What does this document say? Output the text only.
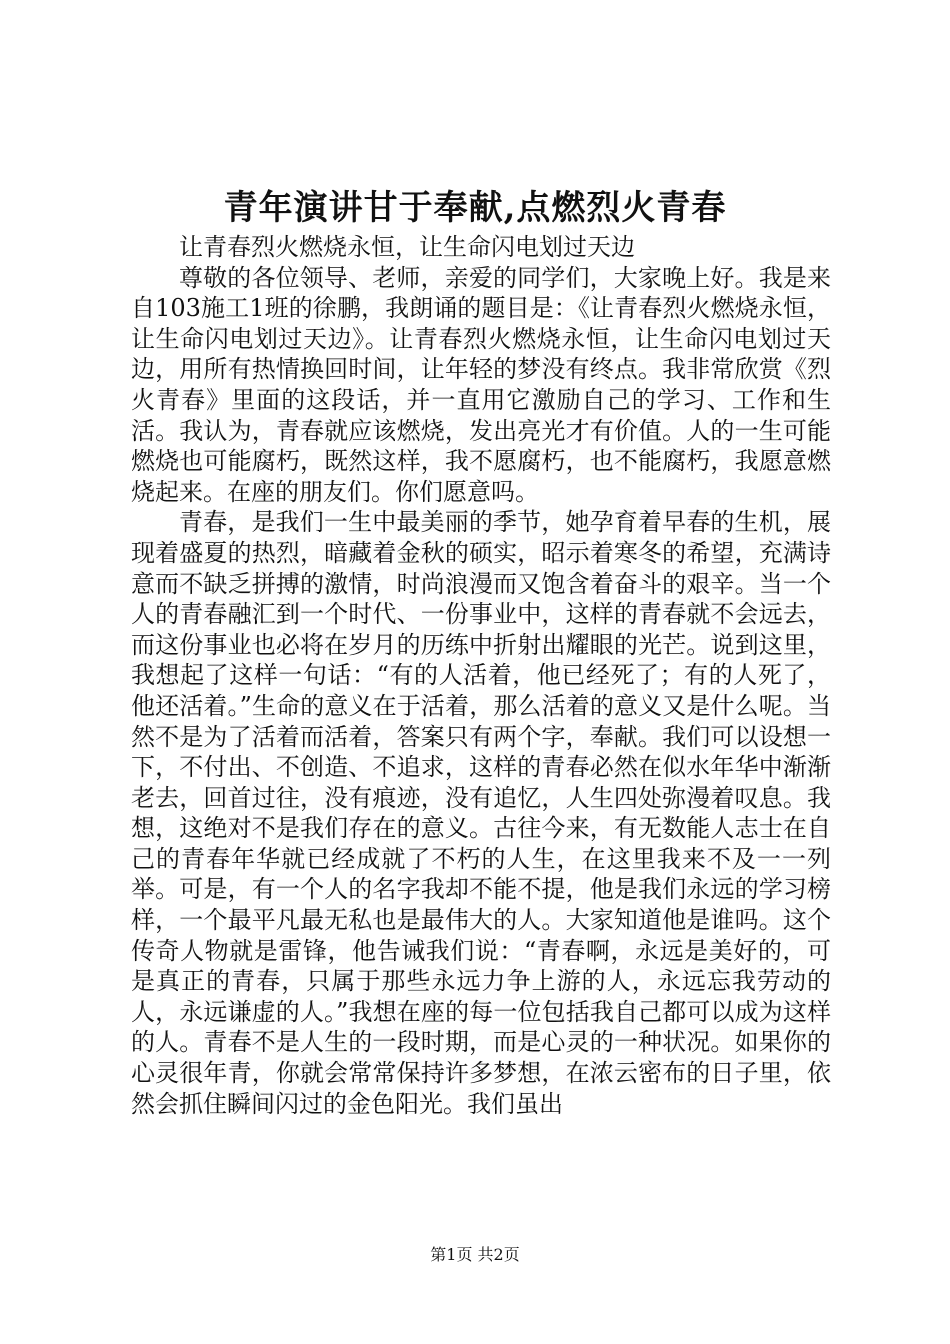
青年演讲甘于奉献,点燃烈火青春

让青春烈火燃烧永恒，让生命闪电划过天边

尊敬的各位领导、老师，亲爱的同学们，大家晚上好。我是来自103施工1班的徐鹏，我朗诵的题目是：《让青春烈火燃烧永恒，让生命闪电划过天边》。让青春烈火燃烧永恒，让生命闪电划过天边，用所有热情换回时间，让年轻的梦没有终点。我非常欣赏《烈火青春》里面的这段话，并一直用它激励自己的学习、工作和生活。我认为，青春就应该燃烧，发出亮光才有价值。人的一生可能燃烧也可能腐朽，既然这样，我不愿腐朽，也不能腐朽，我愿意燃烧起来。在座的朋友们。你们愿意吗。

青春，是我们一生中最美丽的季节，她孕育着早春的生机，展现着盛夏的热烈，暗藏着金秋的硕实，昭示着寒冬的希望，充满诗意而不缺乏拼搏的激情，时尚浪漫而又饱含着奋斗的艰辛。当一个人的青春融汇到一个时代、一份事业中，这样的青春就不会远去，而这份事业也必将在岁月的历练中折射出耀眼的光芒。说到这里，我想起了这样一句话：“有的人活着，他已经死了；有的人死了，他还活着。”生命的意义在于活着，那么活着的意义又是什么呢。当然不是为了活着而活着，答案只有两个字，奉献。我们可以设想一下，不付出、不创造、不追求，这样的青春必然在似水年华中渐渐老去，回首过往，没有痕迹，没有追忆，人生四处弥漫着叹息。我想，这绝对不是我们存在的意义。古往今来，有无数能人志士在自己的青春年华就已经成就了不朽的人生，在这里我来不及一一列举。可是，有一个人的名字我却不能不提，他是我们永远的学习榜样，一个最平凡最无私也是最伟大的人。大家知道他是谁吗。这个传奇人物就是雷锋，他告诫我们说：“青春啊，永远是美好的，可是真正的青春，只属于那些永远力争上游的人，永远忘我劳动的人，永远谦虚的人。”我想在座的每一位包括我自己都可以成为这样的人。青春不是人生的一段时期，而是心灵的一种状况。如果你的心灵很年青，你就会常常保持许多梦想，在浓云密布的日子里，依然会抓住瞬间闪过的金色阳光。我们虽出

第1页 共2页
